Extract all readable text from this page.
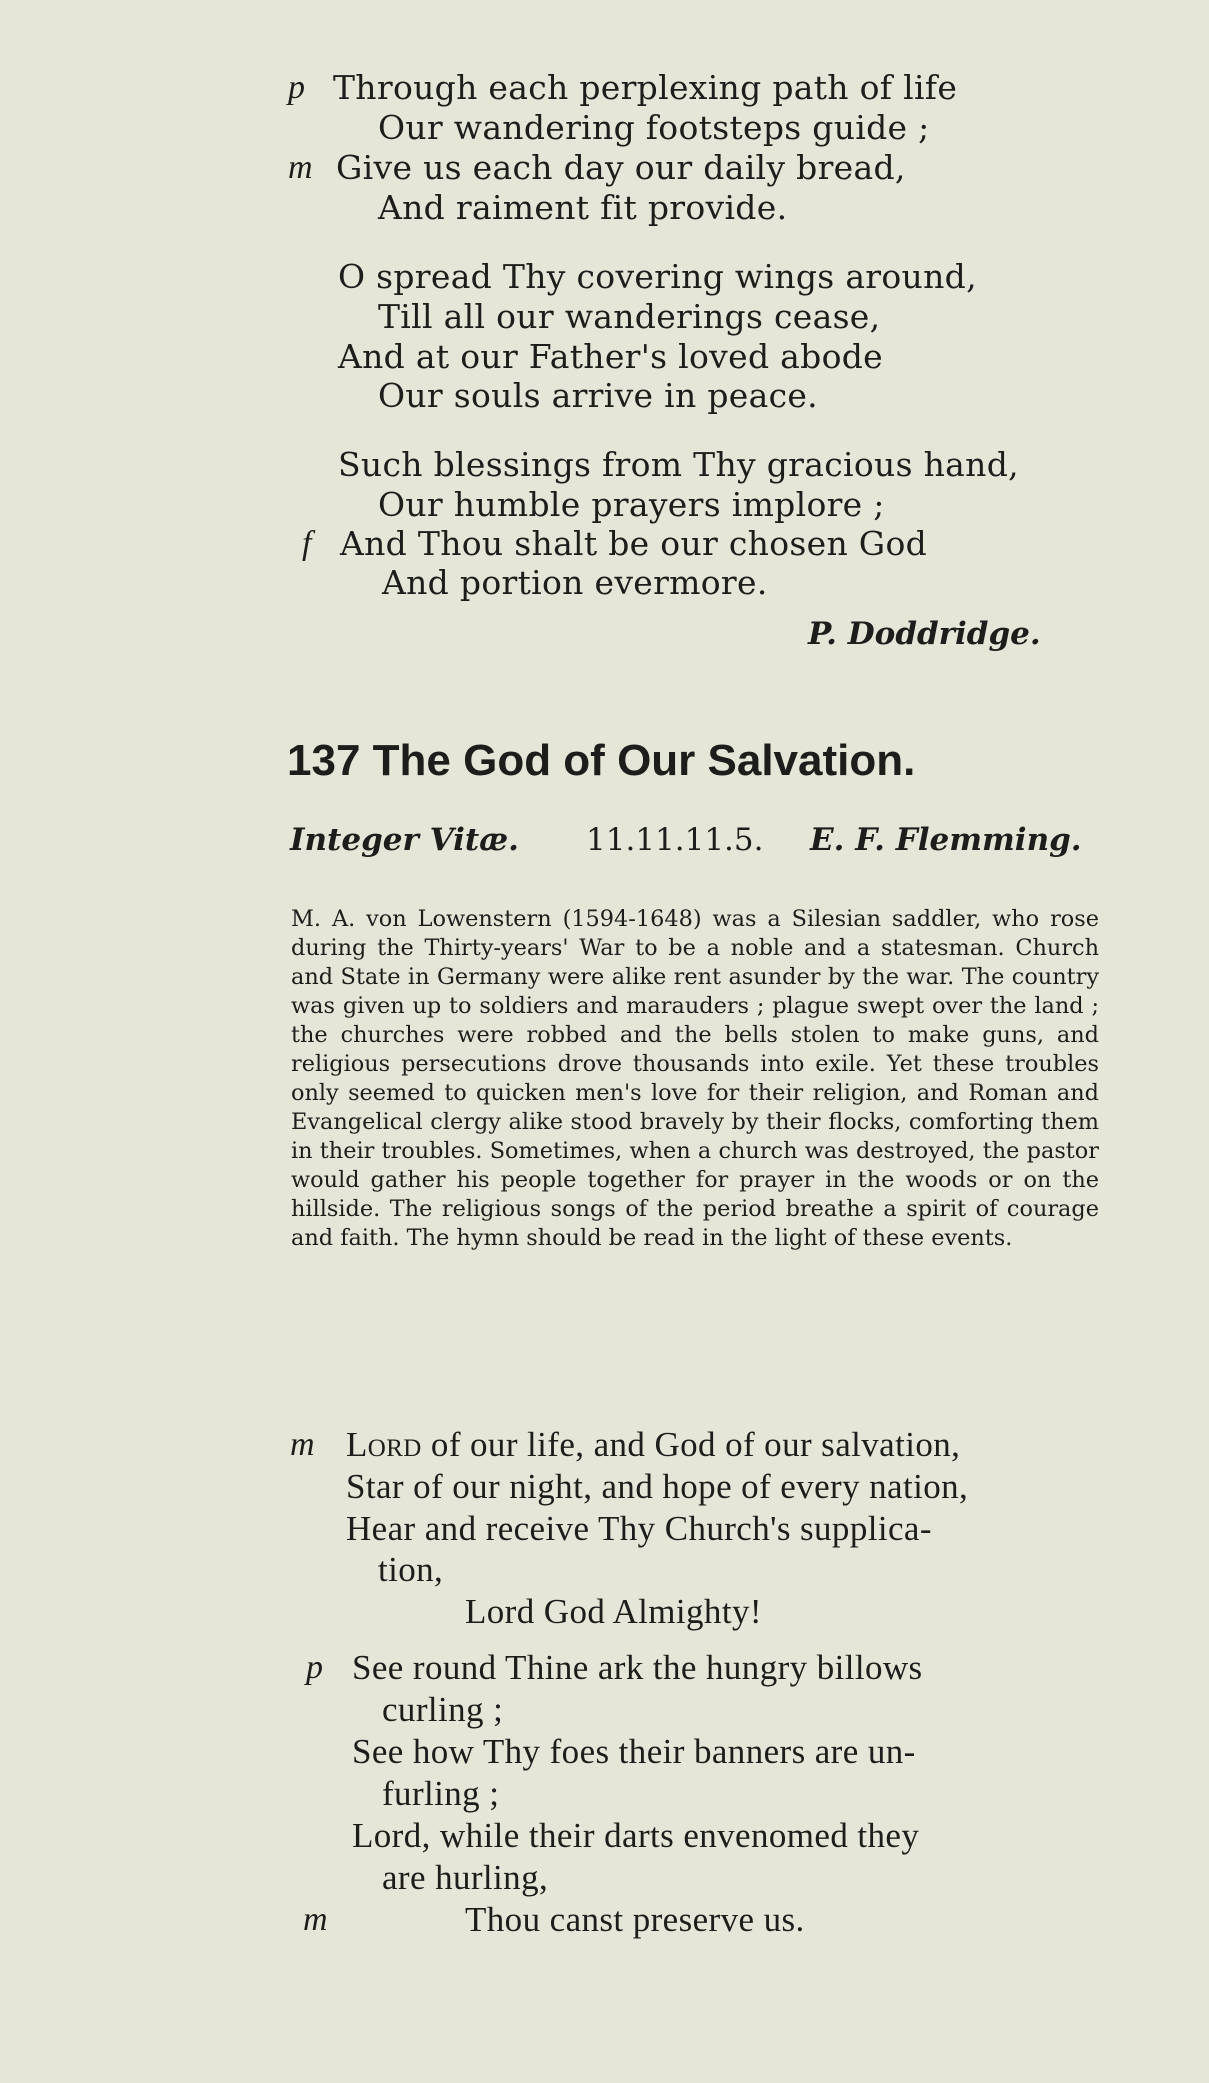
p Through each perplexing path of life
Our wandering footsteps guide ;
m Give us each day our daily bread,
And raiment fit provide.
O spread Thy covering wings around,
Till all our wanderings cease,
And at our Father's loved abode
Our souls arrive in peace.
Such blessings from Thy gracious hand,
Our humble prayers implore ;
f And Thou shalt be our chosen God
And portion evermore.
P. Doddridge.
137 The God of Our Salvation.
Integer Vitæ. 11.11.11.5. E. F. Flemming.
M. A. von Lowenstern (1594-1648) was a Silesian saddler, who rose during the Thirty-years' War to be a noble and a statesman. Church and State in Germany were alike rent asunder by the war. The country was given up to soldiers and marauders ; plague swept over the land ; the churches were robbed and the bells stolen to make guns, and religious persecutions drove thousands into exile. Yet these troubles only seemed to quicken men's love for their religion, and Roman and Evangelical clergy alike stood bravely by their flocks, comforting them in their troubles. Sometimes, when a church was destroyed, the pastor would gather his people together for prayer in the woods or on the hillside. The religious songs of the period breathe a spirit of courage and faith. The hymn should be read in the light of these events.
m Lord of our life, and God of our salvation,
Star of our night, and hope of every nation,
Hear and receive Thy Church's supplica-
tion,
Lord God Almighty!
p See round Thine ark the hungry billows
curling ;
See how Thy foes their banners are un-
furling ;
Lord, while their darts envenomed they
are hurling,
m	Thou canst preserve us.
